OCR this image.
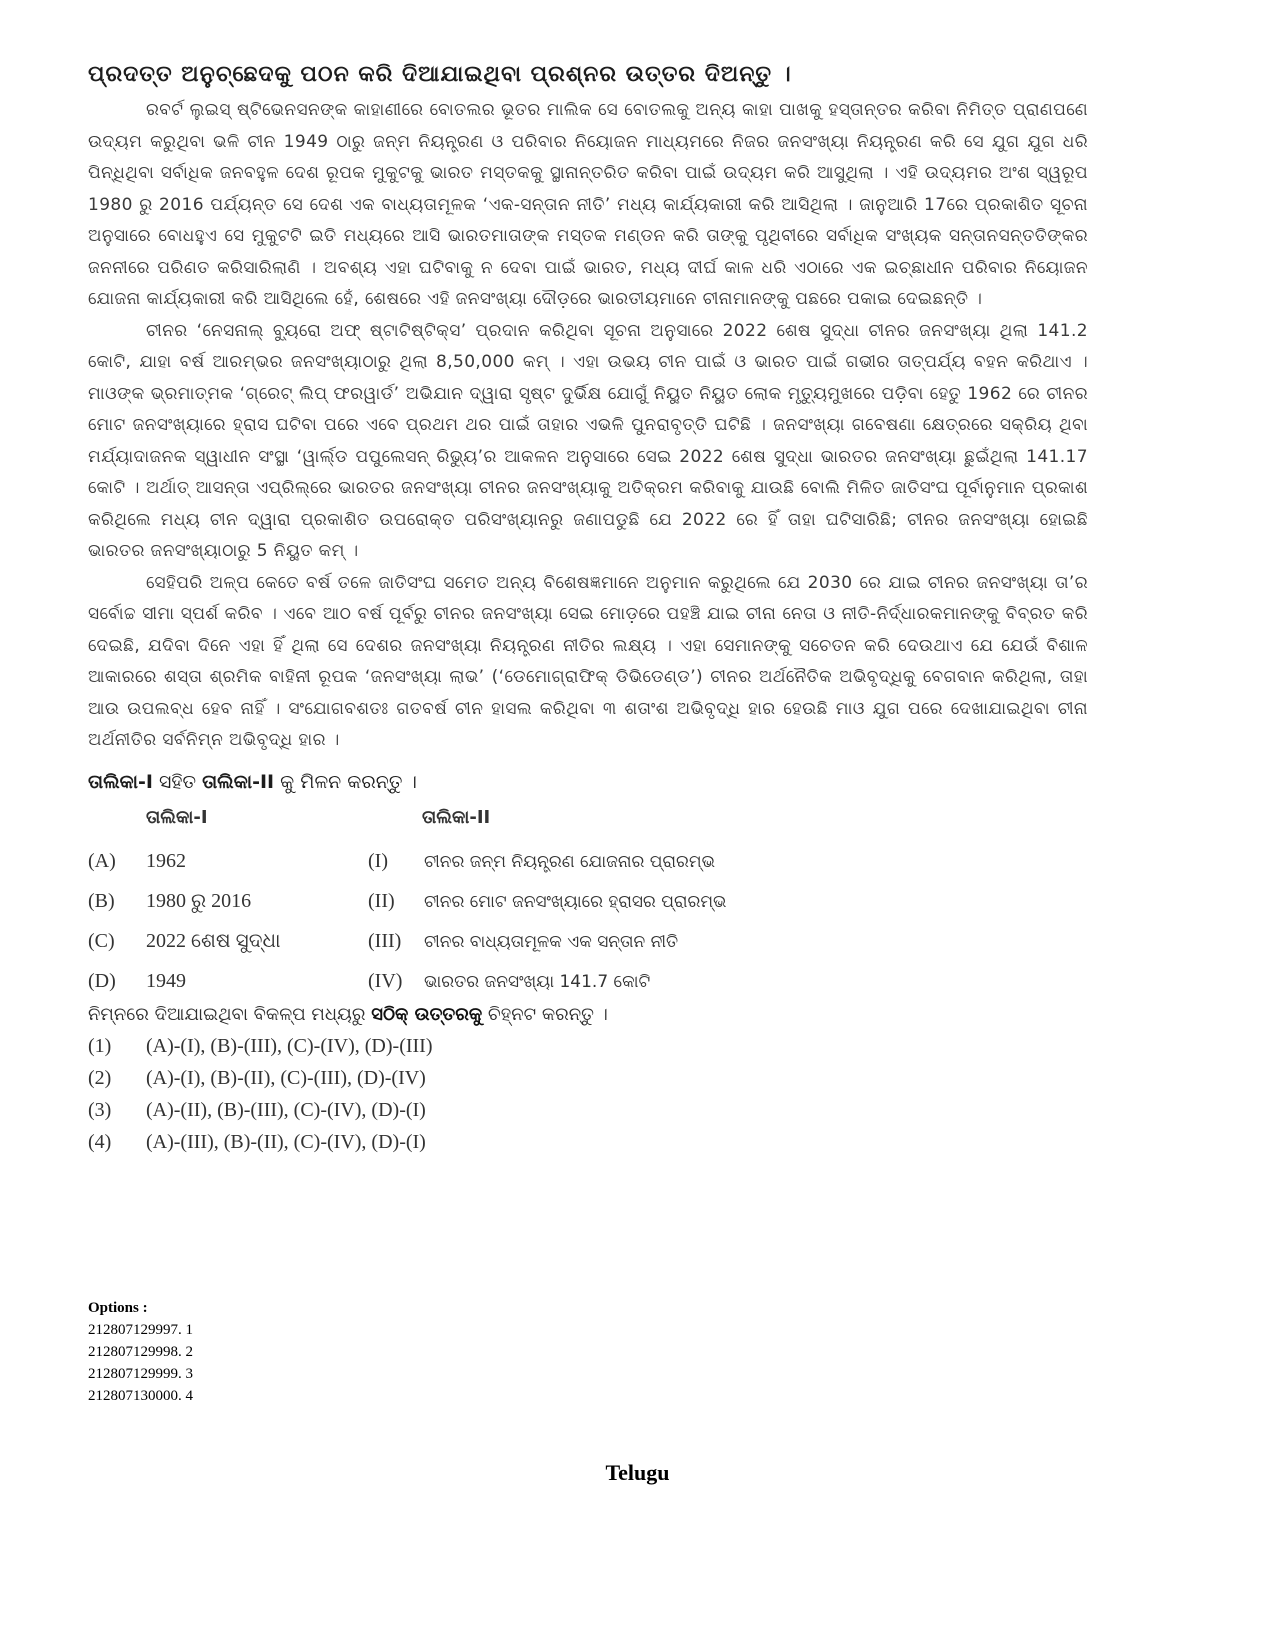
ପ୍ରଦତ୍ତ ଅନୁଚ୍ଛେଦକୁ ପଠନ କରି ଦିଆଯାଇଥିବା ପ୍ରଶ୍ନର ଉତ୍ତର ଦିଅନ୍ତୁ ।

ରବର୍ଟ ଲୁଇସ୍ ଷ୍ଟିଭେନସନଙ୍କ କାହାଣୀରେ ବୋତଲର ଭୂତର ମାଲିକ ସେ ବୋତଲକୁ ଅନ୍ୟ କାହା ପାଖକୁ ହସ୍ତାନ୍ତର କରିବା ନିମିତ୍ତ ପ୍ରାଣପଣେ ଉଦ୍ୟମ କରୁଥିବା ଭଳି ଚୀନ 1949 ଠାରୁ ଜନ୍ମ ନିୟନ୍ତ୍ରଣ ଓ ପରିବାର ନିୟୋଜନ ମାଧ୍ୟମରେ ନିଜର ଜନସଂଖ୍ୟା ନିୟନ୍ତ୍ରଣ କରି ସେ ଯୁଗ ଯୁଗ ଧରି ପିନ୍ଧିଥିବା ସର୍ବାଧିକ ଜନବହୁଳ ଦେଶ ରୂପକ ମୁକୁଟକୁ ଭାରତ ମସ୍ତକକୁ ସ୍ଥାନାନ୍ତରିତ କରିବା ପାଇଁ ଉଦ୍ୟମ କରି ଆସୁଥିଲା । ଏହି ଉଦ୍ୟମର ଅଂଶ ସ୍ୱରୂପ 1980 ରୁ 2016 ପର୍ଯ୍ୟନ୍ତ ସେ ଦେଶ ଏକ ବାଧ୍ୟତାମୂଳକ ‘ଏକ-ସନ୍ତାନ ନୀତି’ ମଧ୍ୟ କାର୍ଯ୍ୟକାରୀ କରି ଆସିଥିଲା । ଜାନୁଆରି 17ରେ ପ୍ରକାଶିତ ସୂଚନା ଅନୁସାରେ ବୋଧହୁଏ ସେ ମୁକୁଟଟି ଇତି ମଧ୍ୟରେ ଆସି ଭାରତମାତାଙ୍କ ମସ୍ତକ ମଣ୍ଡନ କରି ତାଙ୍କୁ ପୃଥିବୀରେ ସର୍ବାଧିକ ସଂଖ୍ୟକ ସନ୍ତାନସନ୍ତତିଙ୍କର ଜନନୀରେ ପରିଣତ କରିସାରିଲାଣି । ଅବଶ୍ୟ ଏହା ଘଟିବାକୁ ନ ଦେବା ପାଇଁ ଭାରତ, ମଧ୍ୟ ଦୀର୍ଘ କାଳ ଧରି ଏଠାରେ ଏକ ଇଚ୍ଛାଧୀନ ପରିବାର ନିୟୋଜନ ଯୋଜନା କାର୍ଯ୍ୟକାରୀ କରି ଆସିଥିଲେ ହେଁ, ଶେଷରେ ଏହି ଜନସଂଖ୍ୟା ଦୌଡ଼ରେ ଭାରତୀୟମାନେ ଚୀନାମାନଙ୍କୁ ପଛରେ ପକାଇ ଦେଇଛନ୍ତି ।

ଚୀନର ‘ନେସନାଲ୍ ବ୍ୟୁରୋ ଅଫ୍ ଷ୍ଟାଟିଷ୍ଟିକ୍ସ’ ପ୍ରଦାନ କରିଥିବା ସୂଚନା ଅନୁସାରେ 2022 ଶେଷ ସୁଦ୍ଧା ଚୀନର ଜନସଂଖ୍ୟା ଥିଲା 141.2 କୋଟି, ଯାହା ବର୍ଷ ଆରମ୍ଭର ଜନସଂଖ୍ୟାଠାରୁ ଥିଲା 8,50,000 କମ୍ । ଏହା ଉଭୟ ଚୀନ ପାଇଁ ଓ ଭାରତ ପାଇଁ ଗଭୀର ତାତ୍ପର୍ଯ୍ୟ ବହନ କରିଥାଏ । ମାଓଙ୍କ ଭ୍ରମାତ୍ମକ ‘ଗ୍ରେଟ୍ ଲିପ୍ ଫରୱାର୍ଡ’ ଅଭିଯାନ ଦ୍ୱାରା ସୃଷ୍ଟ ଦୁର୍ଭିକ୍ଷ ଯୋଗୁଁ ନିୟୁତ ନିୟୁତ ଲୋକ ମୃତ୍ୟୁମୁଖରେ ପଡ଼ିବା ହେତୁ 1962 ରେ ଚୀନର ମୋଟ ଜନସଂଖ୍ୟାରେ ହ୍ରାସ ଘଟିବା ପରେ ଏବେ ପ୍ରଥମ ଥର ପାଇଁ ତାହାର ଏଭଳି ପୁନରାବୃତ୍ତି ଘଟିଛି । ଜନସଂଖ୍ୟା ଗବେଷଣା କ୍ଷେତ୍ରରେ ସକ୍ରିୟ ଥିବା ମର୍ଯ୍ୟାଦାଜନକ ସ୍ୱାଧୀନ ସଂସ୍ଥା ‘ୱାର୍ଲ୍ଡ ପପୁଲେସନ୍ ରିଭ୍ୟୁ’ର ଆକଳନ ଅନୁସାରେ ସେଇ 2022 ଶେଷ ସୁଦ୍ଧା ଭାରତର ଜନସଂଖ୍ୟା ଛୁଇଁଥିଲା 141.17 କୋଟି । ଅର୍ଥାତ୍ ଆସନ୍ତା ଏପ୍ରିଲ୍‌ରେ ଭାରତର ଜନସଂଖ୍ୟା ଚୀନର ଜନସଂଖ୍ୟାକୁ ଅତିକ୍ରମ କରିବାକୁ ଯାଉଛି ବୋଲି ମିଳିତ ଜାତିସଂଘ ପୂର୍ବାନୁମାନ ପ୍ରକାଶ କରିଥିଲେ ମଧ୍ୟ ଚୀନ ଦ୍ୱାରା ପ୍ରକାଶିତ ଉପରୋକ୍ତ ପରିସଂଖ୍ୟାନରୁ ଜଣାପଡୁଛି ଯେ 2022 ରେ ହିଁ ତାହା ଘଟିସାରିଛି; ଚୀନର ଜନସଂଖ୍ୟା ହୋଇଛି ଭାରତର ଜନସଂଖ୍ୟାଠାରୁ 5 ନିୟୁତ କମ୍ ।

ସେହିପରି ଅଳ୍ପ କେତେ ବର୍ଷ ତଳେ ଜାତିସଂଘ ସମେତ ଅନ୍ୟ ବିଶେଷଜ୍ଞମାନେ ଅନୁମାନ କରୁଥିଲେ ଯେ 2030 ରେ ଯାଇ ଚୀନର ଜନସଂଖ୍ୟା ତା’ର ସର୍ବୋଚ୍ଚ ସୀମା ସ୍ପର୍ଶ କରିବ । ଏବେ ଆଠ ବର୍ଷ ପୂର୍ବରୁ ଚୀନର ଜନସଂଖ୍ୟା ସେଇ ମୋଡ଼ରେ ପହଞ୍ଚି ଯାଇ ଚୀନା ନେତା ଓ ନୀତି-ନିର୍ଦ୍ଧାରକମାନଙ୍କୁ ବିବ୍ରତ କରି ଦେଇଛି, ଯଦିବା ଦିନେ ଏହା ହିଁ ଥିଲା ସେ ଦେଶର ଜନସଂଖ୍ୟା ନିୟନ୍ତ୍ରଣ ନୀତିର ଲକ୍ଷ୍ୟ । ଏହା ସେମାନଙ୍କୁ ସଚେତନ କରି ଦେଉଥାଏ ଯେ ଯେଉଁ ବିଶାଳ ଆକାରରେ ଶସ୍ତା ଶ୍ରମିକ ବାହିନୀ ରୂପକ ‘ଜନସଂଖ୍ୟା ଲାଭ’ (‘ଡେମୋଗ୍ରାଫିକ୍ ଡିଭିଡେଣ୍ଡ’) ଚୀନର ଅର୍ଥନୈତିକ ଅଭିବୃଦ୍ଧିକୁ ବେଗବାନ କରିଥିଲା, ତାହା ଆଉ ଉପଲବ୍ଧ ହେବ ନାହିଁ । ସଂଯୋଗବଶତଃ ଗତବର୍ଷ ଚୀନ ହାସଲ କରିଥିବା ୩ ଶତାଂଶ ଅଭିବୃଦ୍ଧି ହାର ହେଉଛି ମାଓ ଯୁଗ ପରେ ଦେଖାଯାଇଥିବା ଚୀନା ଅର୍ଥନୀତିର ସର୍ବନିମ୍ନ ଅଭିବୃଦ୍ଧି ହାର ।

ତାଲିକା-I ସହିତ ତାଲିକା-II କୁ ମିଳନ କରନ୍ତୁ ।
ତାଲିକା-I	ତାଲିକା-II
(A)	1962	(I)	ଚୀନର ଜନ୍ମ ନିୟନ୍ତ୍ରଣ ଯୋଜନାର ପ୍ରାରମ୍ଭ
(B)	1980 ରୁ 2016	(II)	ଚୀନର ମୋଟ ଜନସଂଖ୍ୟାରେ ହ୍ରାସର ପ୍ରାରମ୍ଭ
(C)	2022 ଶେଷ ସୁଦ୍ଧା	(III)	ଚୀନର ବାଧ୍ୟତାମୂଳକ ଏକ ସନ୍ତାନ ନୀତି
(D)	1949	(IV)	ଭାରତର ଜନସଂଖ୍ୟା 141.7 କୋଟି
ନିମ୍ନରେ ଦିଆଯାଇଥିବା ବିକଳ୍ପ ମଧ୍ୟରୁ ସଠିକ୍ ଉତ୍ତରକୁ ଚିହ୍ନଟ କରନ୍ତୁ ।
(1)	(A)-(I), (B)-(III), (C)-(IV), (D)-(III)
(2)	(A)-(I), (B)-(II), (C)-(III), (D)-(IV)
(3)	(A)-(II), (B)-(III), (C)-(IV), (D)-(I)
(4)	(A)-(III), (B)-(II), (C)-(IV), (D)-(I)
Options :
212807129997. 1
212807129998. 2
212807129999. 3
212807130000. 4
Telugu
